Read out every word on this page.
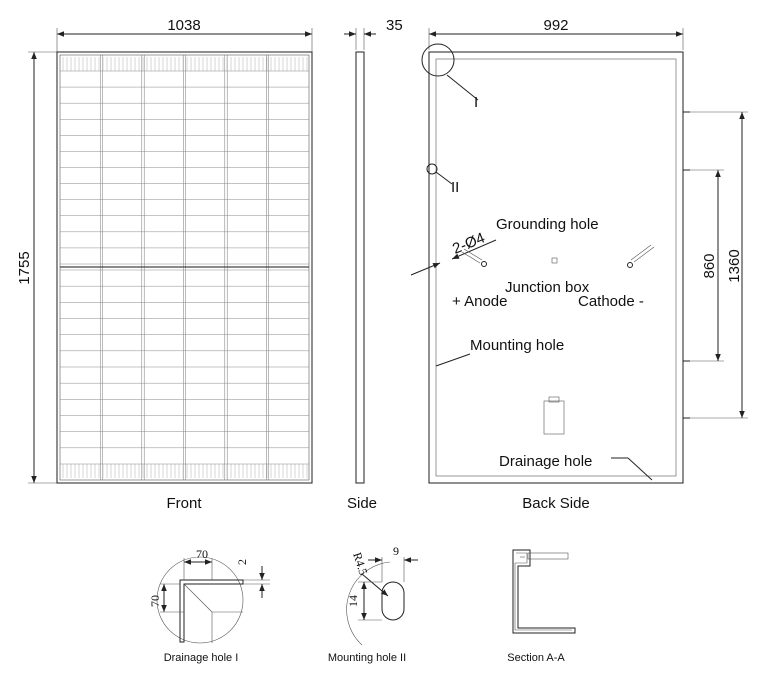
1038
1755
Front
35
Side
992
860 1360
I
II
Grounding hole
2-Ø4
Junction box
+ Anode	Cathode -
Mounting hole
Drainage hole
Back Side
70
70
2
Drainage hole I
9
R4.5
14
Mounting hole II	Section A-A
